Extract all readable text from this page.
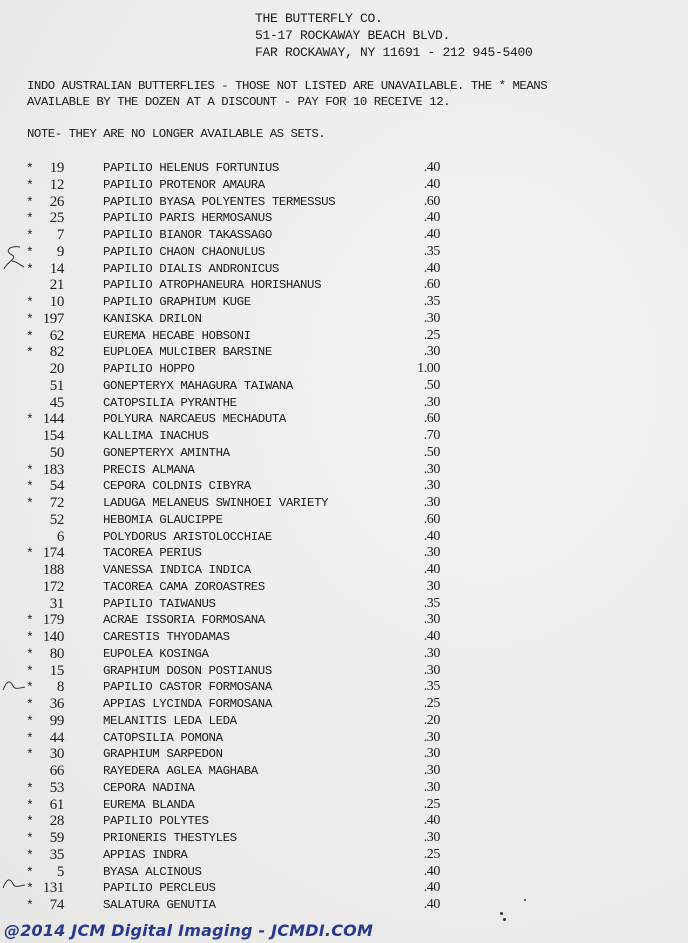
THE BUTTERFLY CO.
51-17 ROCKAWAY BEACH BLVD.
FAR ROCKAWAY, NY 11691 - 212 945-5400
INDO AUSTRALIAN BUTTERFLIES - THOSE NOT LISTED ARE UNAVAILABLE. THE * MEANS
AVAILABLE BY THE DOZEN AT A DISCOUNT - PAY FOR 10 RECEIVE 12.
NOTE- THEY ARE NO LONGER AVAILABLE AS SETS.
*	19	PAPILIO HELENUS FORTUNIUS	.40
*	12	PAPILIO PROTENOR AMAURA	.40
*	26	PAPILIO BYASA POLYENTES TERMESSUS	.60
*	25	PAPILIO PARIS HERMOSANUS	.40
*	7	PAPILIO BIANOR TAKASSAGO	.40
*	9	PAPILIO CHAON CHAONULUS	.35
*	14	PAPILIO DIALIS ANDRONICUS	.40
21	PAPILIO ATROPHANEURA HORISHANUS	.60
*	10	PAPILIO GRAPHIUM KUGE	.35
* 197	KANISKA DRILON	.30
*	62	EUREMA HECABE HOBSONI	.25
*	82	EUPLOEA MULCIBER BARSINE	.30
20	PAPILIO HOPPO	1.00
51	GONEPTERYX MAHAGURA TAIWANA	.50
45	CATOPSILIA PYRANTHE	.30
* 144	POLYURA NARCAEUS MECHADUTA	.60
154	KALLIMA INACHUS	.70
50	GONEPTERYX AMINTHA	.50
* 183	PRECIS ALMANA	.30
*	54	CEPORA COLDNIS CIBYRA	.30
*	72	LADUGA MELANEUS SWINHOEI VARIETY	.30
52	HEBOMIA GLAUCIPPE	.60
6	POLYDORUS ARISTOLOCCHIAE	.40
* 174	TACOREA PERIUS	.30
188	VANESSA INDICA INDICA	.40
172	TACOREA CAMA ZOROASTRES	30
31	PAPILIO TAIWANUS	.35
* 179	ACRAE ISSORIA FORMOSANA	.30
* 140	CARESTIS THYODAMAS	.40
*	80	EUPOLEA KOSINGA	.30
*	15	GRAPHIUM DOSON POSTIANUS	.30
*	8	PAPILIO CASTOR FORMOSANA	.35
*	36	APPIAS LYCINDA FORMOSANA	.25
*	99	MELANITIS LEDA LEDA	.20
*	44	CATOPSILIA POMONA	.30
*	30	GRAPHIUM SARPEDON	.30
66	RAYEDERA AGLEA MAGHABA	.30
*	53	CEPORA NADINA	.30
*	61	EUREMA BLANDA	.25
*	28	PAPILIO POLYTES	.40
*	59	PRIONERIS THESTYLES	.30
*	35	APPIAS INDRA	.25
*	5	BYASA ALCINOUS	.40
* 131	PAPILIO PERCLEUS	.40
*	74	SALATURA GENUTIA	.40
@2014 JCM Digital Imaging - JCMDI.COM
